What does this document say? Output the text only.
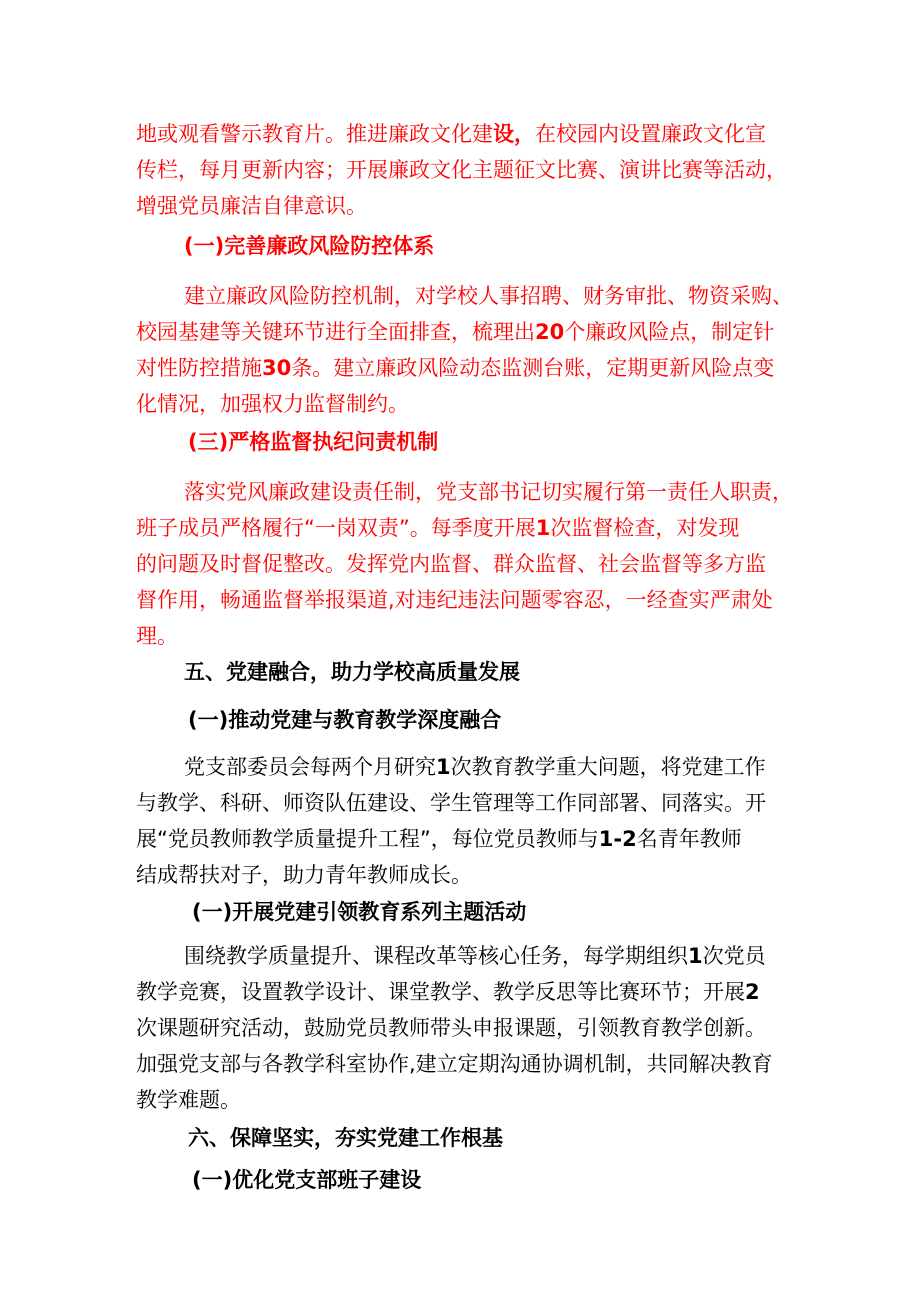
地或观看警示教育片。推进廉政文化建设，在校园内设置廉政文化宣
传栏，每月更新内容；开展廉政文化主题征文比赛、演讲比赛等活动，
增强党员廉洁自律意识。
(一)完善廉政风险防控体系
建立廉政风险防控机制，对学校人事招聘、财务审批、物资采购、
校园基建等关键环节进行全面排查，梳理出20个廉政风险点，制定针
对性防控措施30条。建立廉政风险动态监测台账，定期更新风险点变
化情况，加强权力监督制约。
(三)严格监督执纪问责机制
落实党风廉政建设责任制，党支部书记切实履行第一责任人职责，
班子成员严格履行“一岗双责”。每季度开展1次监督检查，对发现
的问题及时督促整改。发挥党内监督、群众监督、社会监督等多方监
督作用，畅通监督举报渠道,对违纪违法问题零容忍，一经查实严肃处
理。
五、党建融合，助力学校高质量发展
(一)推动党建与教育教学深度融合
党支部委员会每两个月研究1次教育教学重大问题，将党建工作
与教学、科研、师资队伍建设、学生管理等工作同部署、同落实。开
展“党员教师教学质量提升工程”，每位党员教师与1-2名青年教师
结成帮扶对子，助力青年教师成长。
(一)开展党建引领教育系列主题活动
围绕教学质量提升、课程改革等核心任务，每学期组织1次党员
教学竞赛，设置教学设计、课堂教学、教学反思等比赛环节；开展2
次课题研究活动，鼓励党员教师带头申报课题，引领教育教学创新。
加强党支部与各教学科室协作,建立定期沟通协调机制，共同解决教育
教学难题。
六、保障坚实，夯实党建工作根基
(一)优化党支部班子建设
